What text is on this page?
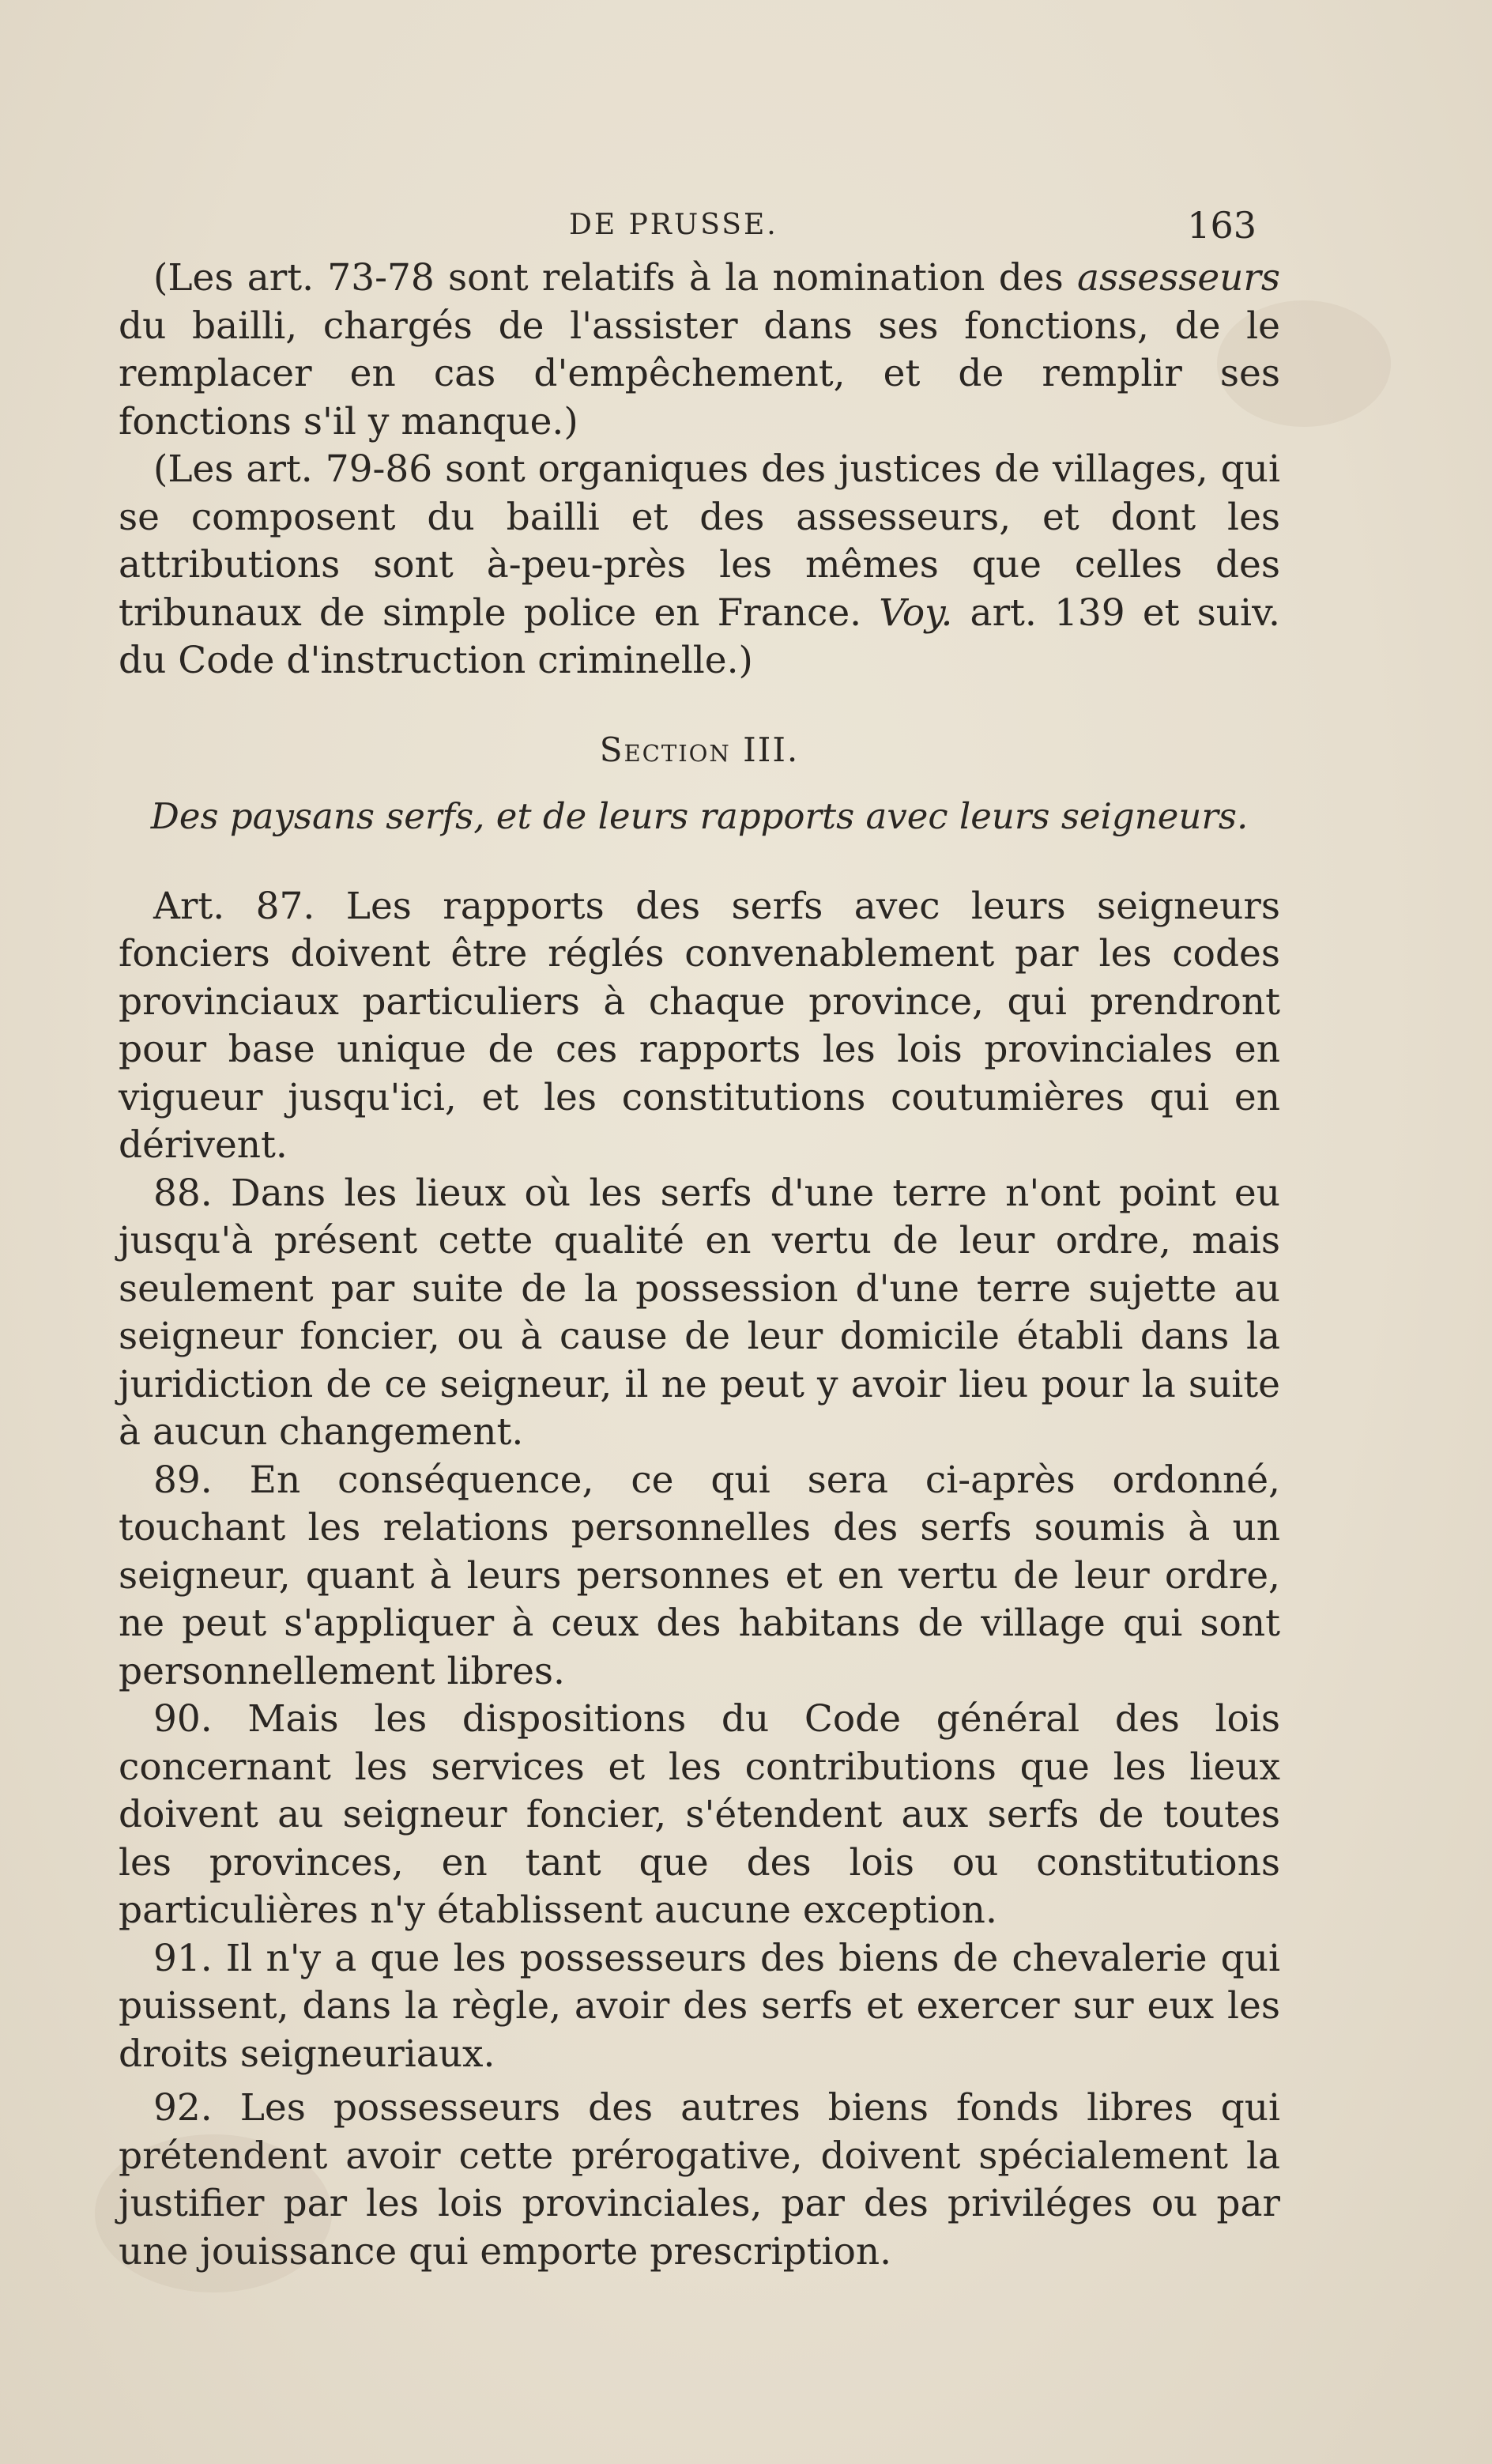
DE PRUSSE.	163

(Les art. 73-78 sont relatifs à la nomination des assesseurs du bailli, chargés de l'assister dans ses fonctions, de le remplacer en cas d'empêchement, et de remplir ses fonctions s'il y manque.)

(Les art. 79-86 sont organiques des justices de villages, qui se composent du bailli et des assesseurs, et dont les attributions sont à-peu-près les mêmes que celles des tribunaux de simple police en France. Voy. art. 139 et suiv. du Code d'instruction criminelle.)

Section III.
Des paysans serfs, et de leurs rapports avec leurs seigneurs.

Art. 87. Les rapports des serfs avec leurs seigneurs fonciers doivent être réglés convenablement par les codes provinciaux particuliers à chaque province, qui prendront pour base unique de ces rapports les lois provinciales en vigueur jusqu'ici, et les constitutions coutumières qui en dérivent.

88. Dans les lieux où les serfs d'une terre n'ont point eu jusqu'à présent cette qualité en vertu de leur ordre, mais seulement par suite de la possession d'une terre sujette au seigneur foncier, ou à cause de leur domicile établi dans la juridiction de ce seigneur, il ne peut y avoir lieu pour la suite à aucun changement.

89. En conséquence, ce qui sera ci-après ordonné, touchant les relations personnelles des serfs soumis à un seigneur, quant à leurs personnes et en vertu de leur ordre, ne peut s'appliquer à ceux des habitans de village qui sont personnellement libres.

90. Mais les dispositions du Code général des lois concernant les services et les contributions que les lieux doivent au seigneur foncier, s'étendent aux serfs de toutes les provinces, en tant que des lois ou constitutions particulières n'y établissent aucune exception.

91. Il n'y a que les possesseurs des biens de chevalerie qui puissent, dans la règle, avoir des serfs et exercer sur eux les droits seigneuriaux.

92. Les possesseurs des autres biens fonds libres qui prétendent avoir cette prérogative, doivent spécialement la justifier par les lois provinciales, par des priviléges ou par une jouissance qui emporte prescription.
